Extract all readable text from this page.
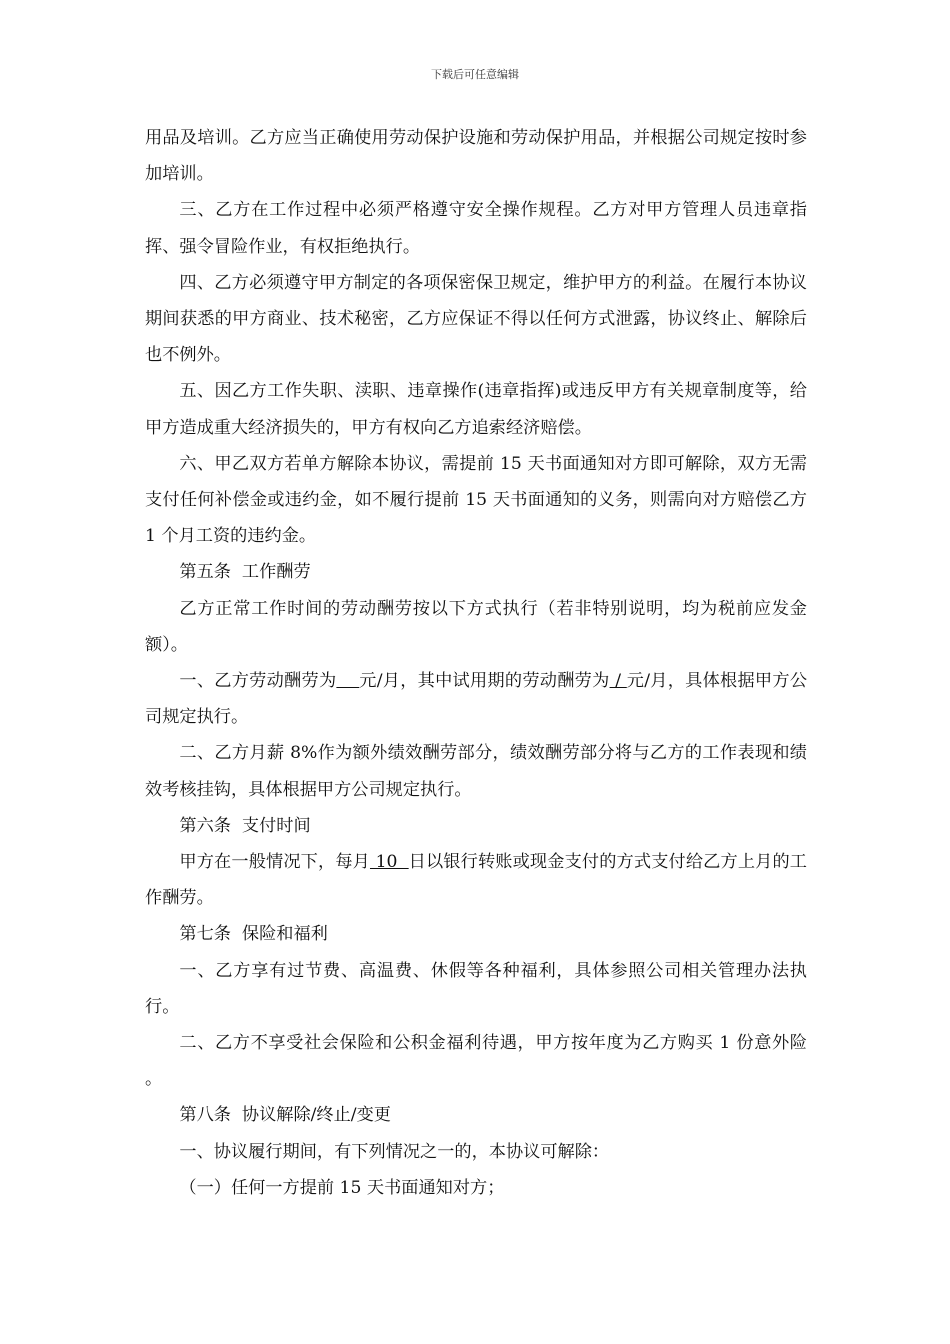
下载后可任意编辑

用品及培训。乙方应当正确使用劳动保护设施和劳动保护用品，并根据公司规定按时参加培训。

三、乙方在工作过程中必须严格遵守安全操作规程。乙方对甲方管理人员违章指挥、强令冒险作业，有权拒绝执行。

四、乙方必须遵守甲方制定的各项保密保卫规定，维护甲方的利益。在履行本协议期间获悉的甲方商业、技术秘密，乙方应保证不得以任何方式泄露，协议终止、解除后也不例外。

五、因乙方工作失职、渎职、违章操作(违章指挥)或违反甲方有关规章制度等，给甲方造成重大经济损失的，甲方有权向乙方追索经济赔偿。

六、甲乙双方若单方解除本协议，需提前 15 天书面通知对方即可解除，双方无需支付任何补偿金或违约金，如不履行提前 15 天书面通知的义务，则需向对方赔偿乙方 1 个月工资的违约金。

第五条  工作酬劳

乙方正常工作时间的劳动酬劳按以下方式执行（若非特别说明，均为税前应发金额）。

一、乙方劳动酬劳为 元/月，其中试用期的劳动酬劳为 / 元/月，具体根据甲方公司规定执行。

二、乙方月薪 8%作为额外绩效酬劳部分，绩效酬劳部分将与乙方的工作表现和绩效考核挂钩，具体根据甲方公司规定执行。

第六条  支付时间

甲方在一般情况下，每月 10  日以银行转账或现金支付的方式支付给乙方上月的工作酬劳。

第七条  保险和福利

一、乙方享有过节费、高温费、休假等各种福利，具体参照公司相关管理办法执行。

二、乙方不享受社会保险和公积金福利待遇，甲方按年度为乙方购买 1 份意外险 。

第八条  协议解除/终止/变更

一、协议履行期间，有下列情况之一的，本协议可解除：

（一）任何一方提前 15 天书面通知对方；
